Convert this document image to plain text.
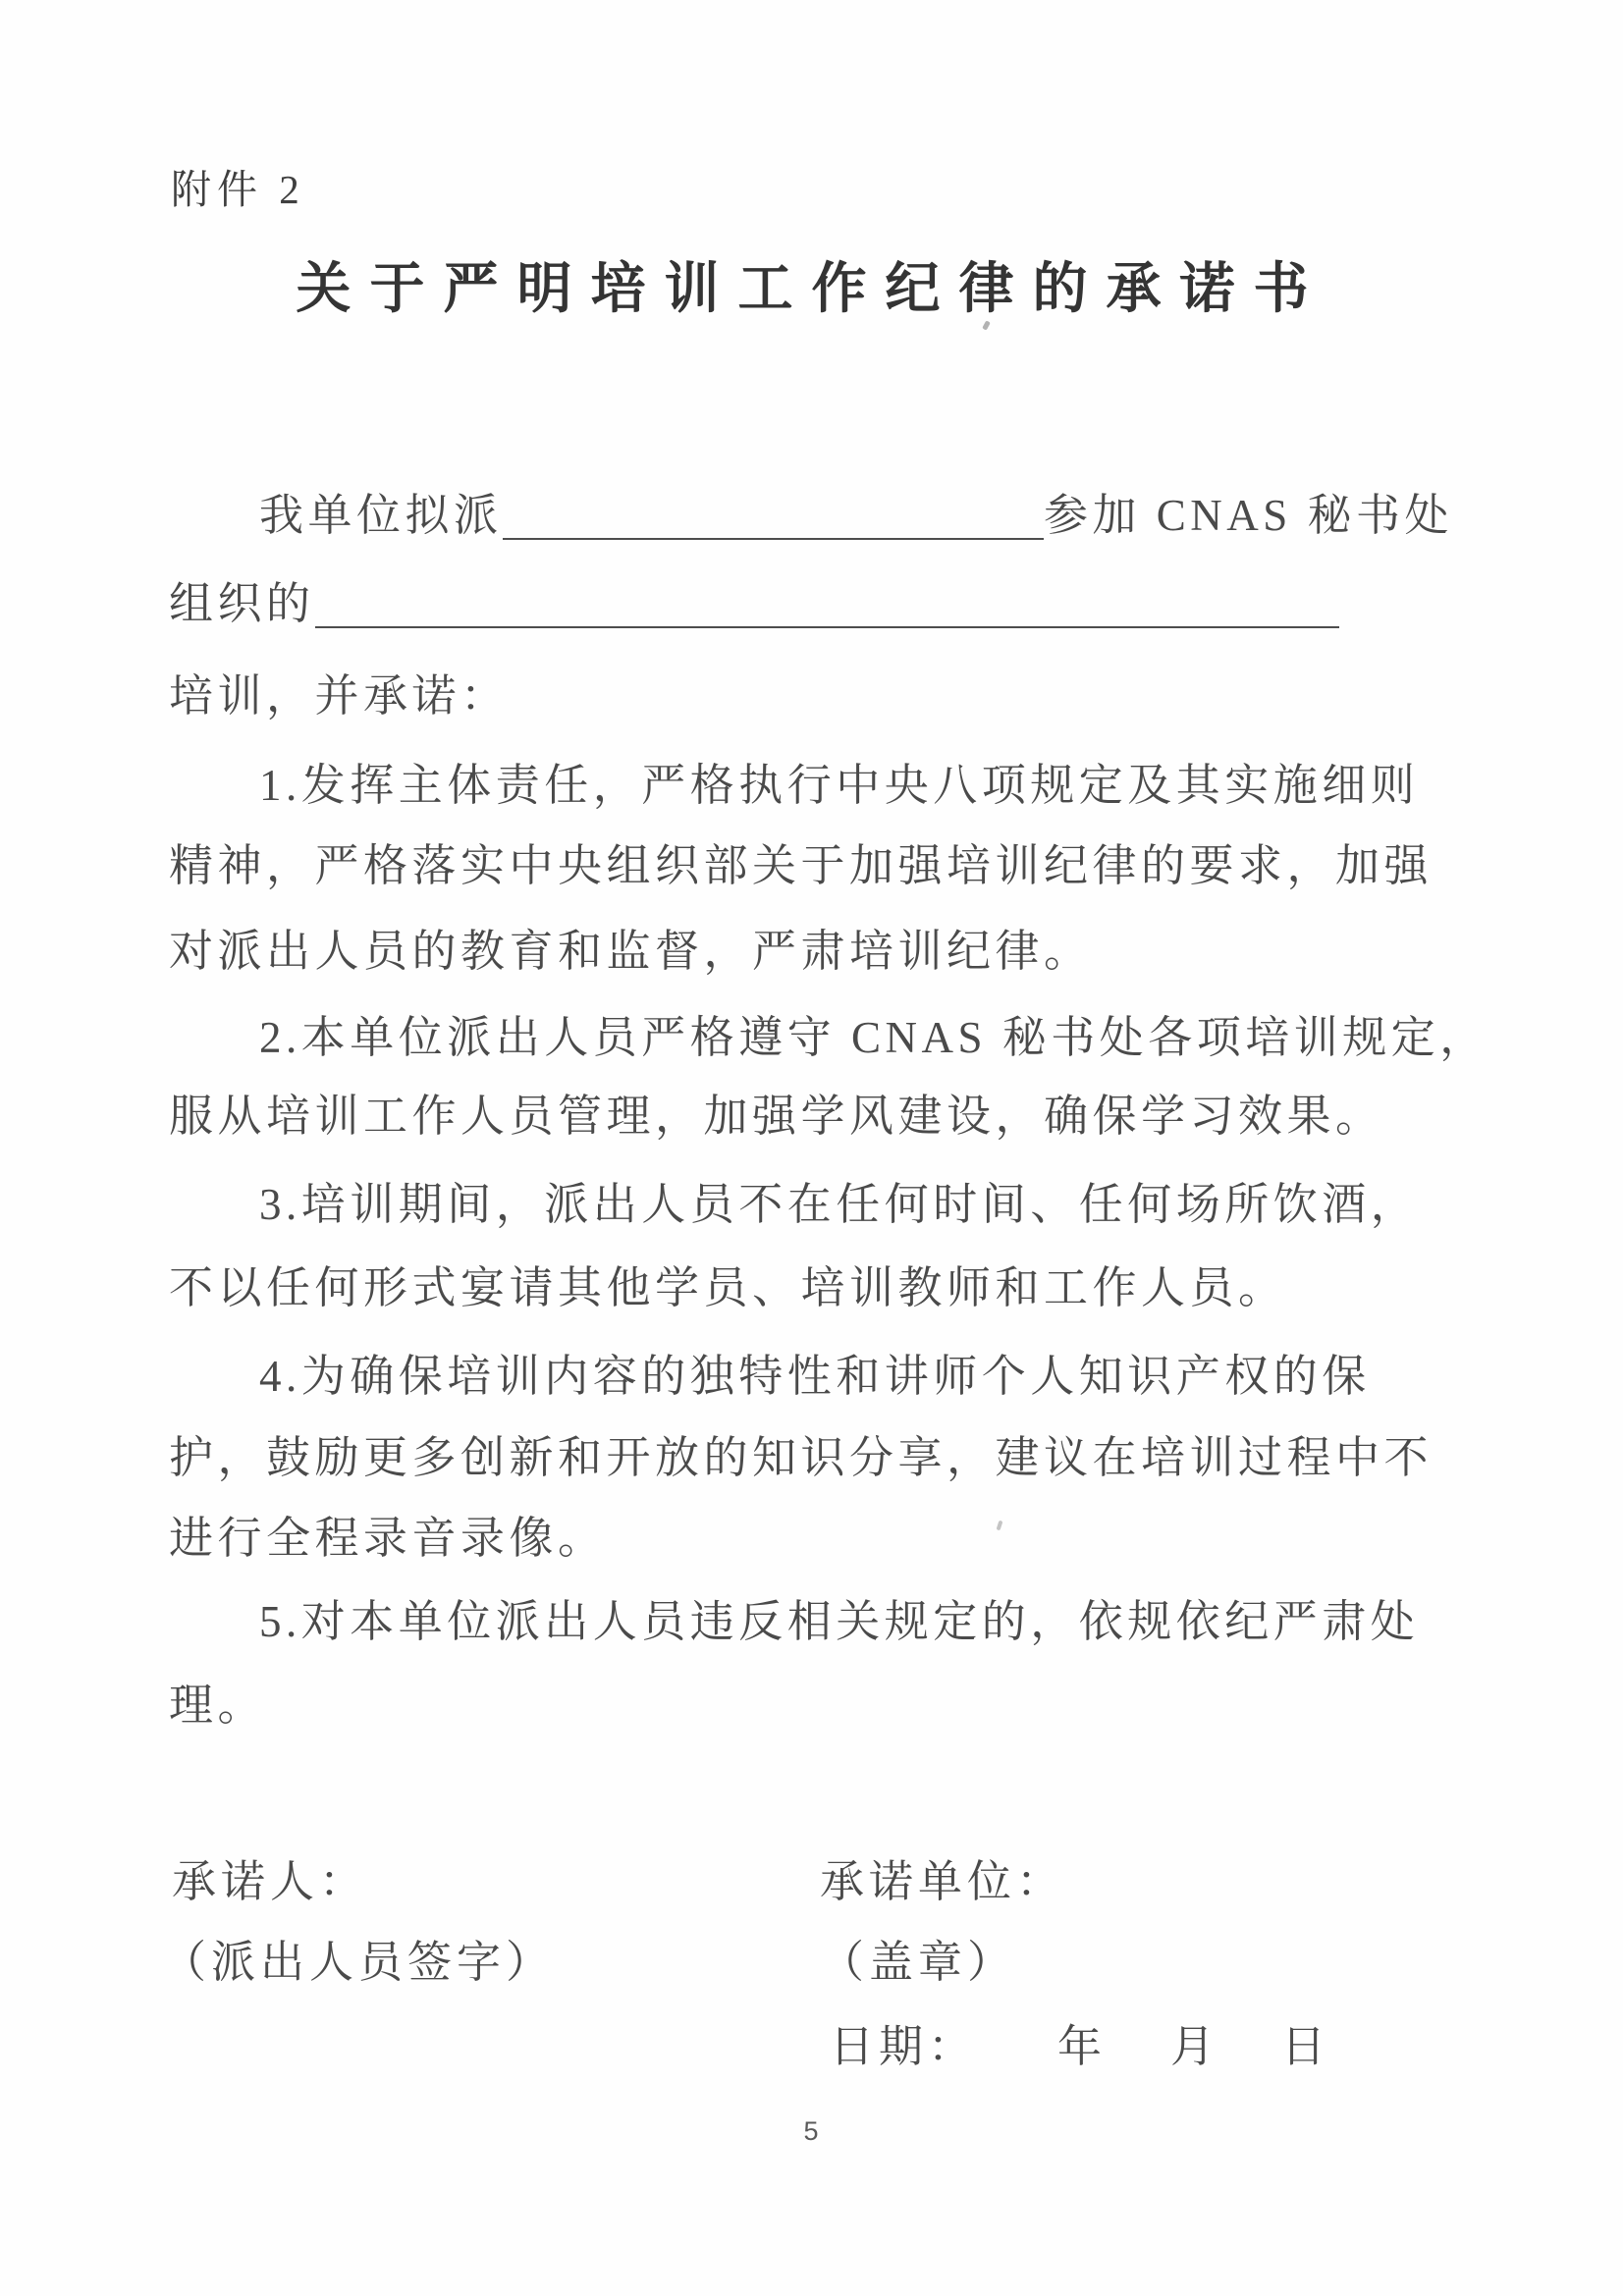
附件 2
关于严明培训工作纪律的承诺书
我单位拟派	参加 CNAS 秘书处
组织的
培训，并承诺：
1.发挥主体责任，严格执行中央八项规定及其实施细则
精神，严格落实中央组织部关于加强培训纪律的要求，加强
对派出人员的教育和监督，严肃培训纪律。
2.本单位派出人员严格遵守 CNAS 秘书处各项培训规定，
服从培训工作人员管理，加强学风建设，确保学习效果。
3.培训期间，派出人员不在任何时间、任何场所饮酒，
不以任何形式宴请其他学员、培训教师和工作人员。
4.为确保培训内容的独特性和讲师个人知识产权的保
护，鼓励更多创新和开放的知识分享，建议在培训过程中不
进行全程录音录像。
5.对本单位派出人员违反相关规定的，依规依纪严肃处
理。
承诺人：	承诺单位：
（派出人员签字）	（盖章）
日期： 年 月 日
5
